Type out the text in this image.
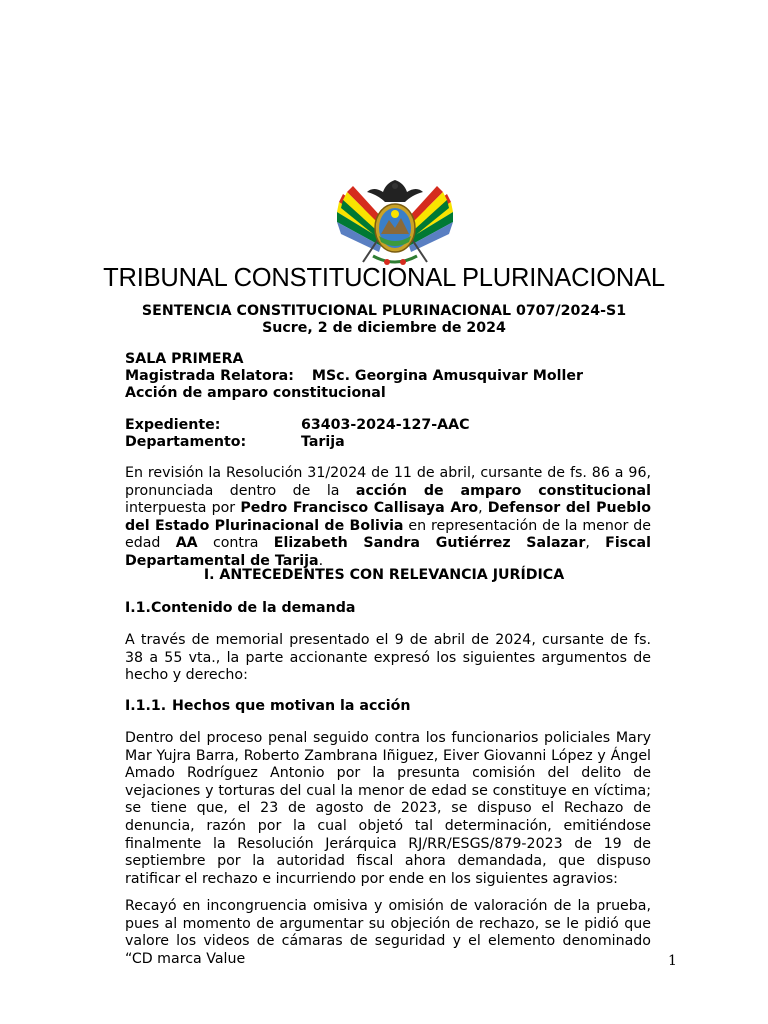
TRIBUNAL CONSTITUCIONAL PLURINACIONAL
SENTENCIA CONSTITUCIONAL PLURINACIONAL 0707/2024-S1
Sucre, 2 de diciembre de 2024
SALA PRIMERA
Magistrada Relatora: MSc. Georgina Amusquivar Moller
Acción de amparo constitucional
Expediente:	63403-2024-127-AAC
Departamento:	Tarija

En revisión la Resolución 31/2024 de 11 de abril, cursante de fs. 86 a 96, pronunciada dentro de la acción de amparo constitucional interpuesta por Pedro Francisco Callisaya Aro, Defensor del Pueblo del Estado Plurinacional de Bolivia en representación de la menor de edad AA contra Elizabeth Sandra Gutiérrez Salazar, Fiscal Departamental de Tarija.

I. ANTECEDENTES CON RELEVANCIA JURÍDICA
I.1.Contenido de la demanda

A través de memorial presentado el 9 de abril de 2024, cursante de fs. 38 a 55 vta., la parte accionante expresó los siguientes argumentos de hecho y derecho:

I.1.1. Hechos que motivan la acción

Dentro del proceso penal seguido contra los funcionarios policiales Mary Mar Yujra Barra, Roberto Zambrana Iñiguez, Eiver Giovanni López y Ángel Amado Rodríguez Antonio por la presunta comisión del delito de vejaciones y torturas del cual la menor de edad se constituye en víctima; se tiene que, el 23 de agosto de 2023, se dispuso el Rechazo de denuncia, razón por la cual objetó tal determinación, emitiéndose finalmente la Resolución Jerárquica RJ/RR/ESGS/879-2023 de 19 de septiembre por la autoridad fiscal ahora demandada, que dispuso ratificar el rechazo e incurriendo por ende en los siguientes agravios:

Recayó en incongruencia omisiva y omisión de valoración de la prueba, pues al momento de argumentar su objeción de rechazo, se le pidió que valore los videos de cámaras de seguridad y el elemento denominado “CD marca Value	1
